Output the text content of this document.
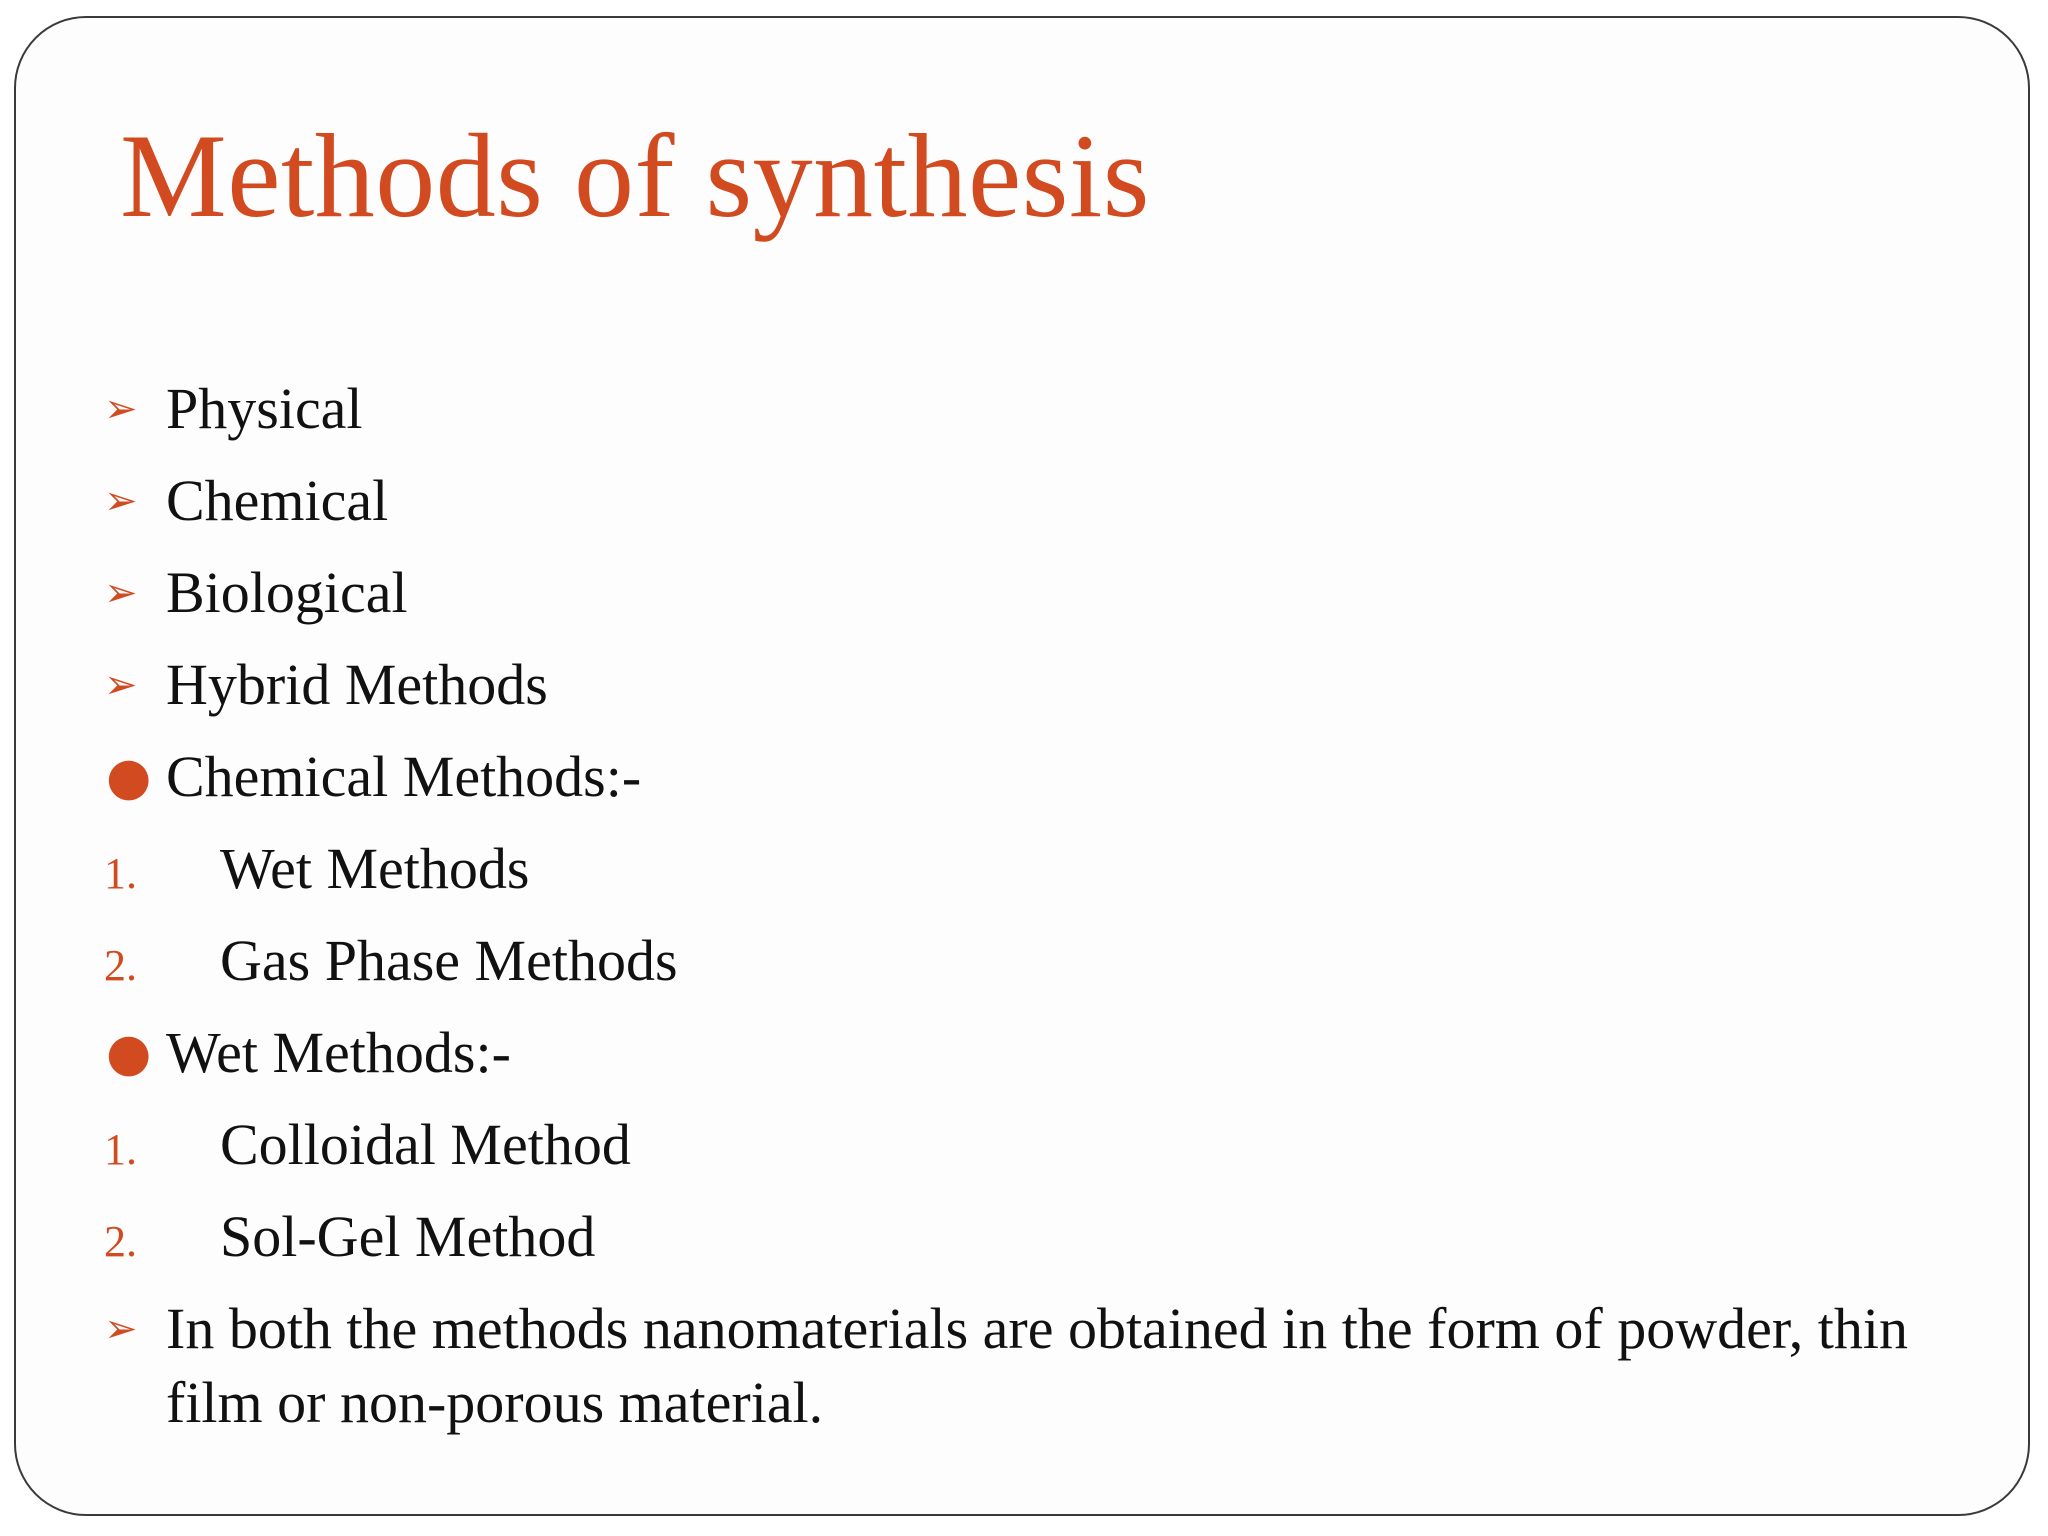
Methods of synthesis
➢ Physical
➢ Chemical
➢ Biological
➢ Hybrid Methods
● Chemical Methods:-
1.	Wet Methods
2.	Gas Phase Methods
● Wet Methods:-
1.	Colloidal Method
2.	Sol-Gel Method
➢ In both the methods nanomaterials are obtained in the form of powder, thin film or non-porous material.
